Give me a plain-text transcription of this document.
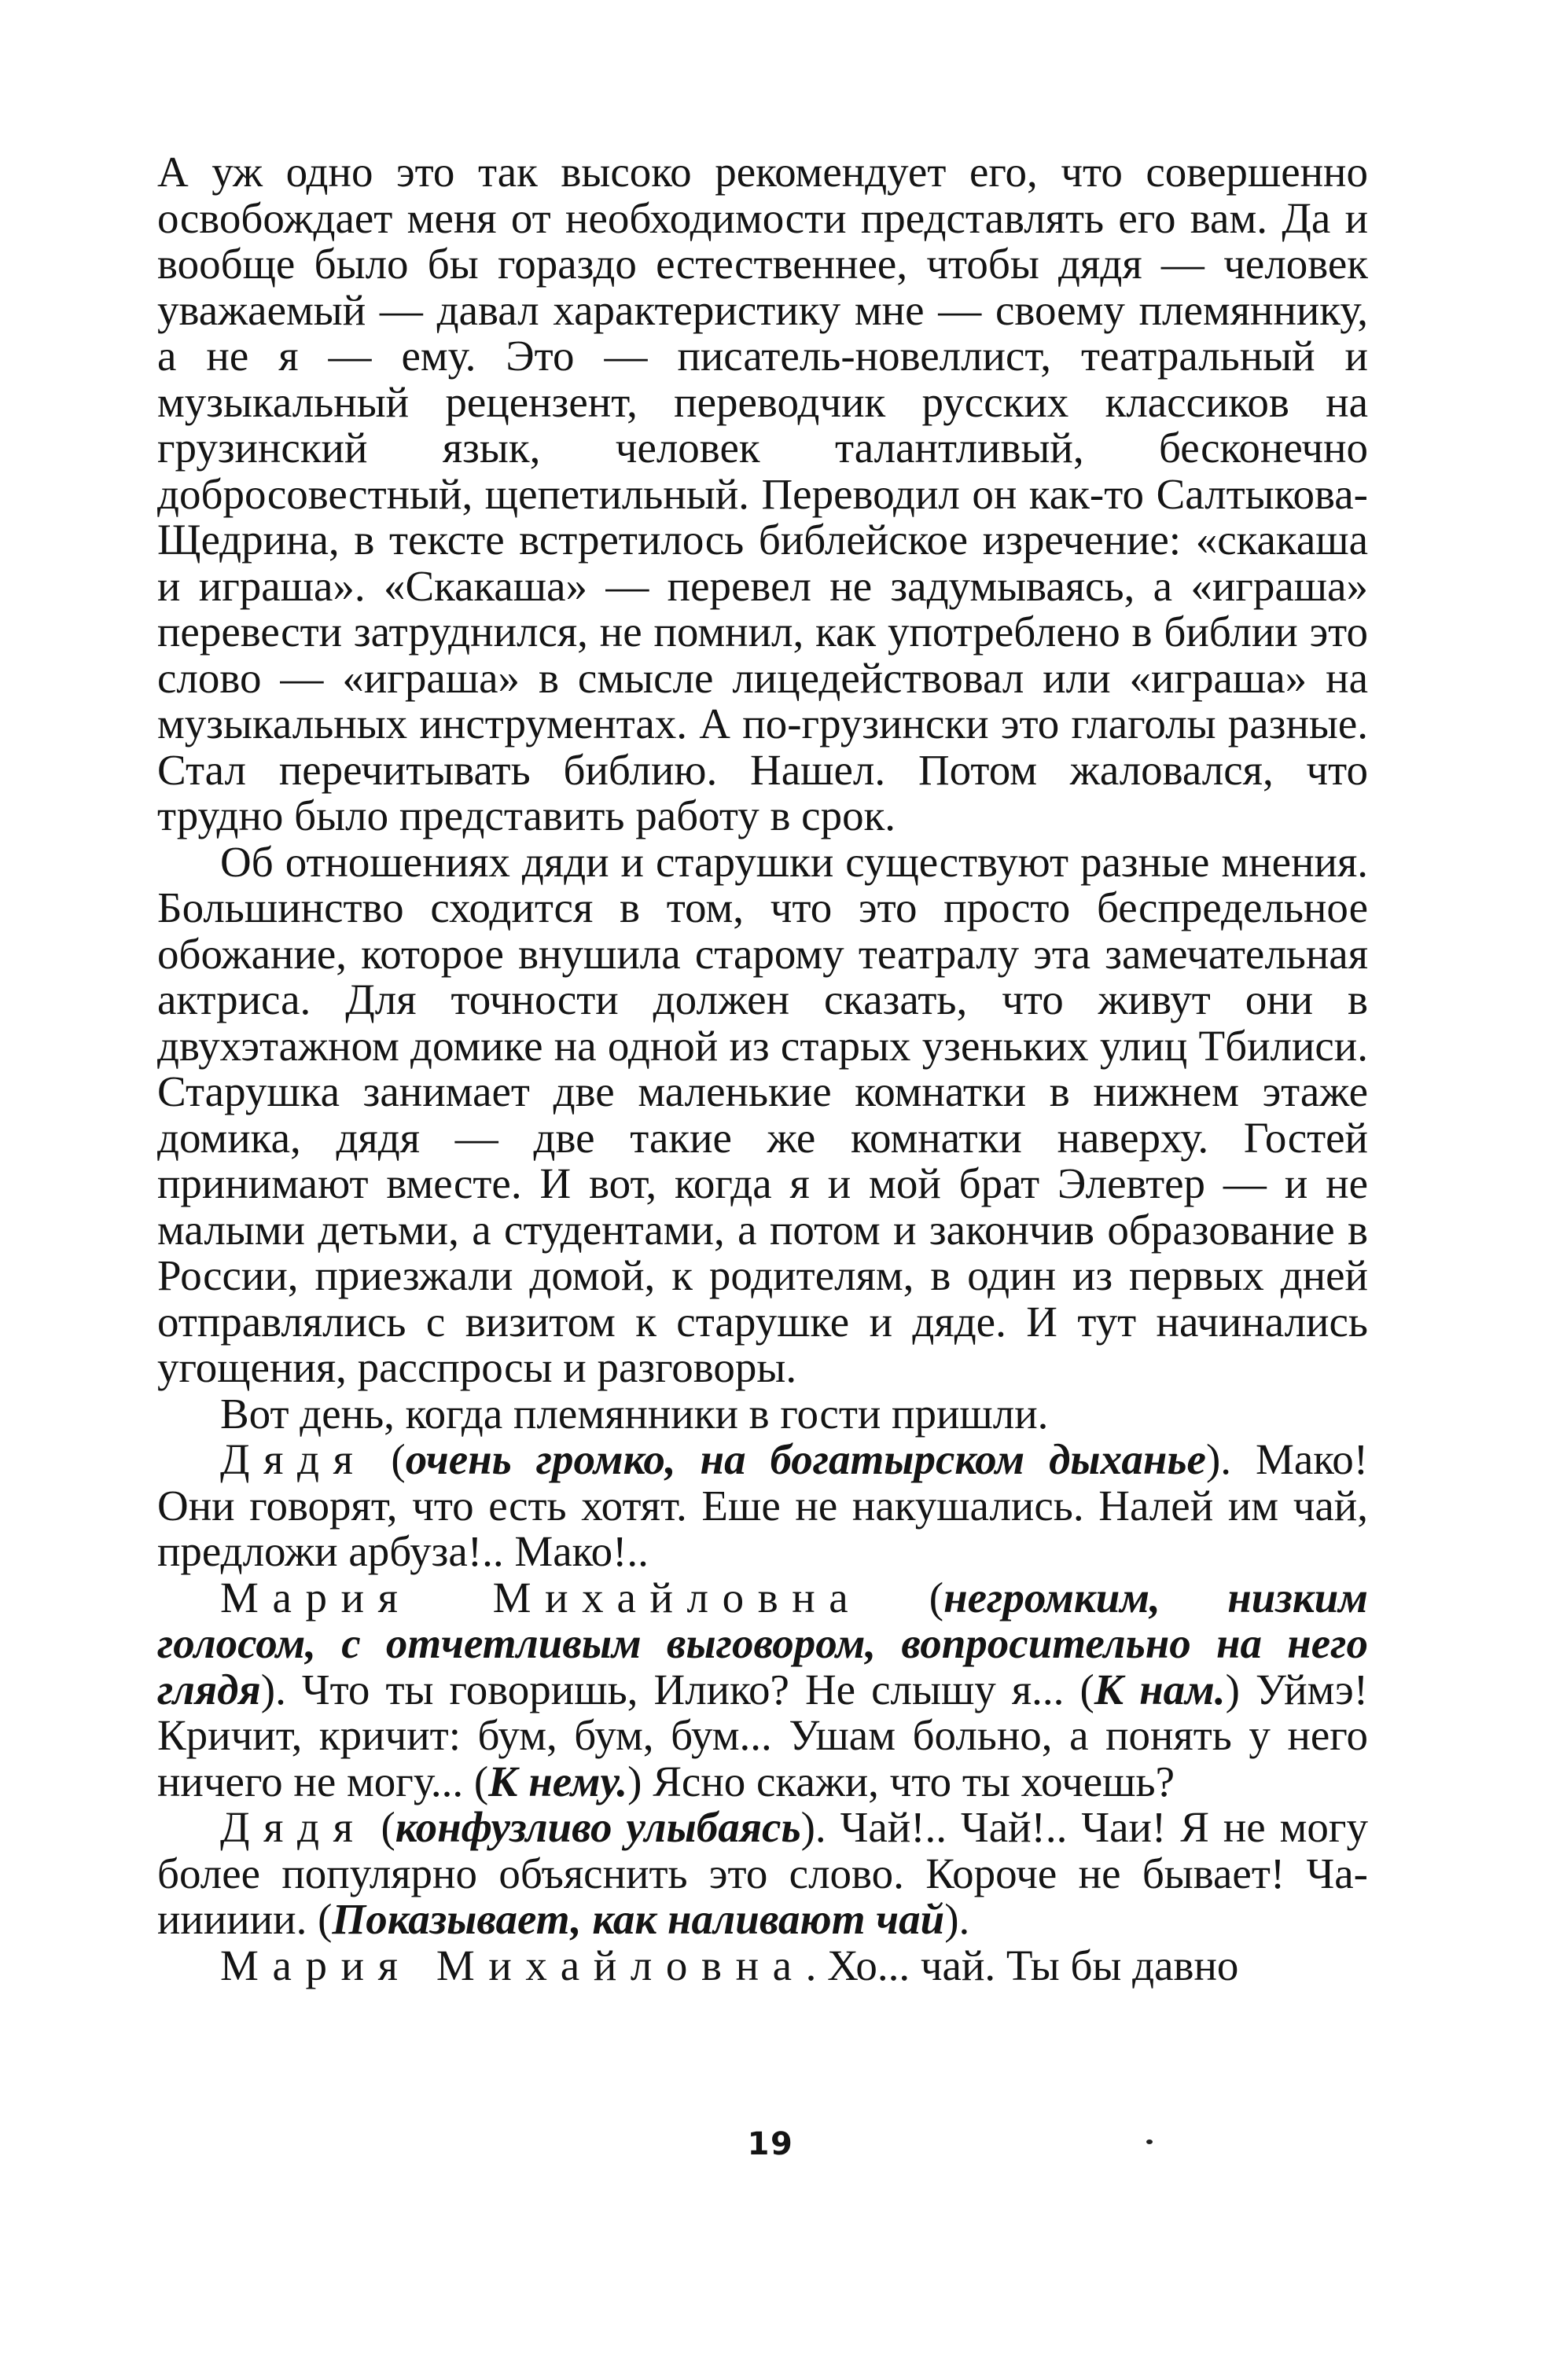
А уж одно это так высоко рекомендует его, что совершенно освобождает меня от необходимости представлять его вам. Да и вообще было бы гораздо естественнее, чтобы дядя — человек уважаемый — давал характеристику мне — своему племяннику, а не я — ему. Это — писатель-новеллист, театральный и музыкальный рецензент, переводчик русских классиков на грузинский язык, человек талантливый, бесконечно добросовестный, щепетильный. Переводил он как-то Салтыкова-Щедрина, в тексте встретилось библейское изречение: «скакаша и играша». «Скакаша» — перевел не задумываясь, а «играша» перевести затруднился, не помнил, как употреблено в библии это слово — «играша» в смысле лицедействовал или «играша» на музыкальных инструментах. А по-грузински это глаголы разные. Стал перечитывать библию. Нашел. Потом жаловался, что трудно было представить работу в срок.

Об отношениях дяди и старушки существуют разные мнения. Большинство сходится в том, что это просто беспредельное обожание, которое внушила старому театралу эта замечательная актриса. Для точности должен сказать, что живут они в двухэтажном домике на одной из старых узеньких улиц Тбилиси. Старушка занимает две маленькие комнатки в нижнем этаже домика, дядя — две такие же комнатки наверху. Гостей принимают вместе. И вот, когда я и мой брат Элевтер — и не малыми детьми, а студентами, а потом и закончив образование в России, приезжали домой, к родителям, в один из первых дней отправлялись с визитом к старушке и дяде. И тут начинались угощения, расспросы и разговоры.

Вот день, когда племянники в гости пришли.

Дядя (очень громко, на богатырском дыханье). Мако! Они говорят, что есть хотят. Еше не накушались. Налей им чай, предложи арбуза!.. Мако!..

Мария Михайловна (негромким, низким голосом, с отчетливым выговором, вопросительно на него глядя). Что ты говоришь, Илико? Не слышу я... (К нам.) Уймэ! Кричит, кричит: бум, бум, бум... Ушам больно, а понять у него ничего не могу... (К нему.) Ясно скажи, что ты хочешь?

Дядя (конфузливо улыбаясь). Чай!.. Чай!.. Чаи! Я не могу более популярно объяснить это слово. Короче не бывает! Ча-ииииии. (Показывает, как наливают чай).

Мария Михайловна. Хо... чай. Ты бы давно

19
